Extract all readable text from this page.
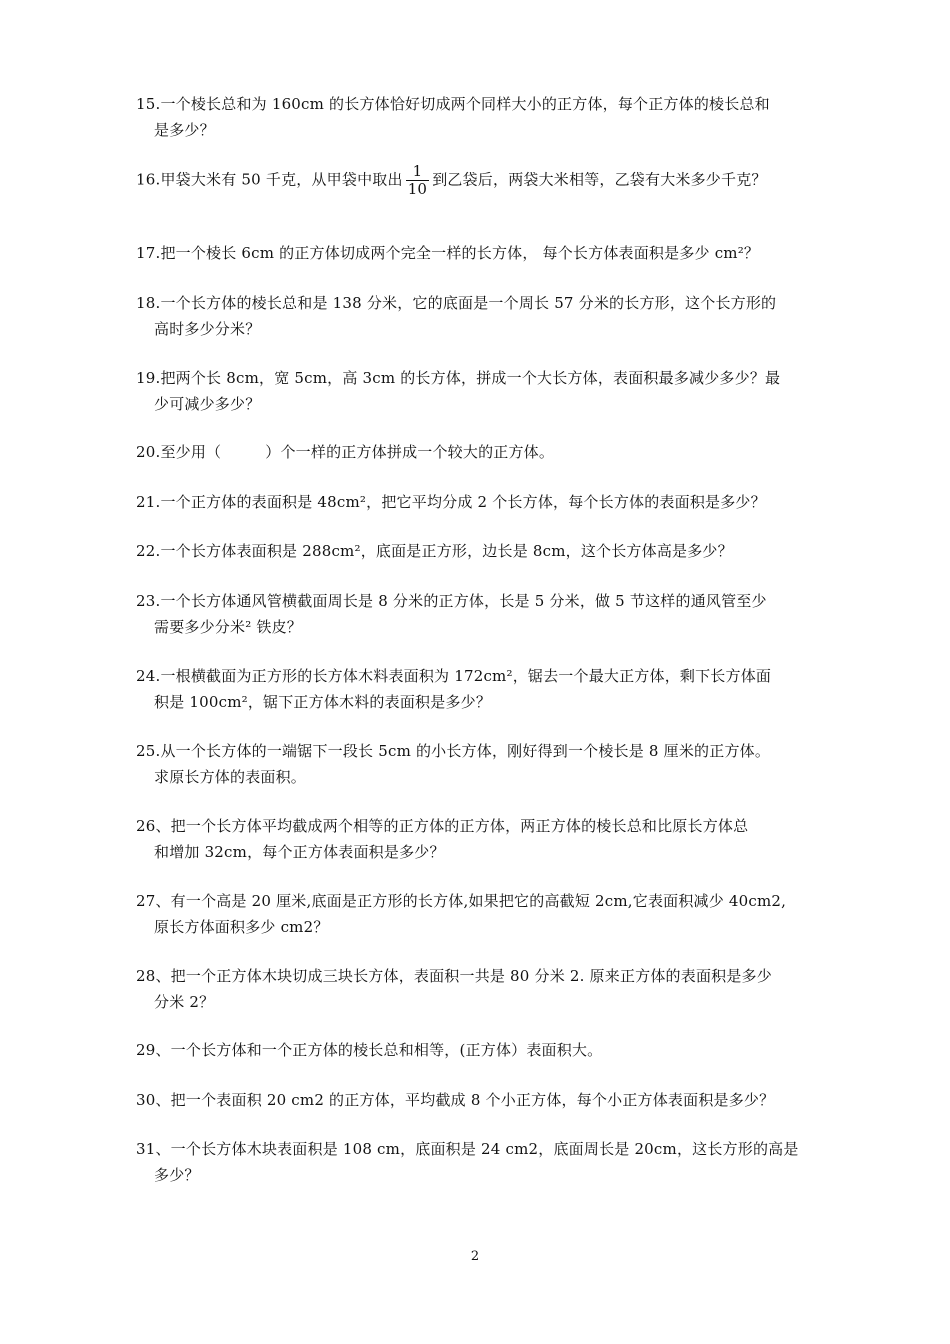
15.一个棱长总和为 160cm 的长方体恰好切成两个同样大小的正方体，每个正方体的棱长总和
是多少？
16.甲袋大米有 50 千克，从甲袋中取出 $\frac{1}{10}$ 到乙袋后，两袋大米相等，乙袋有大米多少千克？
17.把一个棱长 6cm 的正方体切成两个完全一样的长方体， 每个长方体表面积是多少 cm²？
18.一个长方体的棱长总和是 138 分米，它的底面是一个周长 57 分米的长方形，这个长方形的
高时多少分米？
19.把两个长 8cm，宽 5cm，高 3cm 的长方体，拼成一个大长方体，表面积最多减少多少？最
少可减少多少？
20.至少用（	）个一样的正方体拼成一个较大的正方体。
21.一个正方体的表面积是 48cm²，把它平均分成 2 个长方体，每个长方体的表面积是多少？
22.一个长方体表面积是 288cm²，底面是正方形，边长是 8cm，这个长方体高是多少？
23.一个长方体通风管横截面周长是 8 分米的正方体，长是 5 分米，做 5 节这样的通风管至少
需要多少分米² 铁皮？
24.一根横截面为正方形的长方体木料表面积为 172cm²，锯去一个最大正方体，剩下长方体面
积是 100cm²，锯下正方体木料的表面积是多少？
25.从一个长方体的一端锯下一段长 5cm 的小长方体，刚好得到一个棱长是 8 厘米的正方体。
求原长方体的表面积。
26、把一个长方体平均截成两个相等的正方体的正方体，两正方体的棱长总和比原长方体总
和增加 32cm，每个正方体表面积是多少？
27、有一个高是 20 厘米,底面是正方形的长方体,如果把它的高截短 2cm,它表面积减少 40cm2,
原长方体面积多少 cm2？
28、把一个正方体木块切成三块长方体，表面积一共是 80 分米 2. 原来正方体的表面积是多少
分米 2？
29、一个长方体和一个正方体的棱长总和相等，(正方体）表面积大。
30、把一个表面积 20 cm2 的正方体，平均截成 8 个小正方体，每个小正方体表面积是多少？
31、一个长方体木块表面积是 108 cm，底面积是 24 cm2，底面周长是 20cm，这长方形的高是
多少？
2
